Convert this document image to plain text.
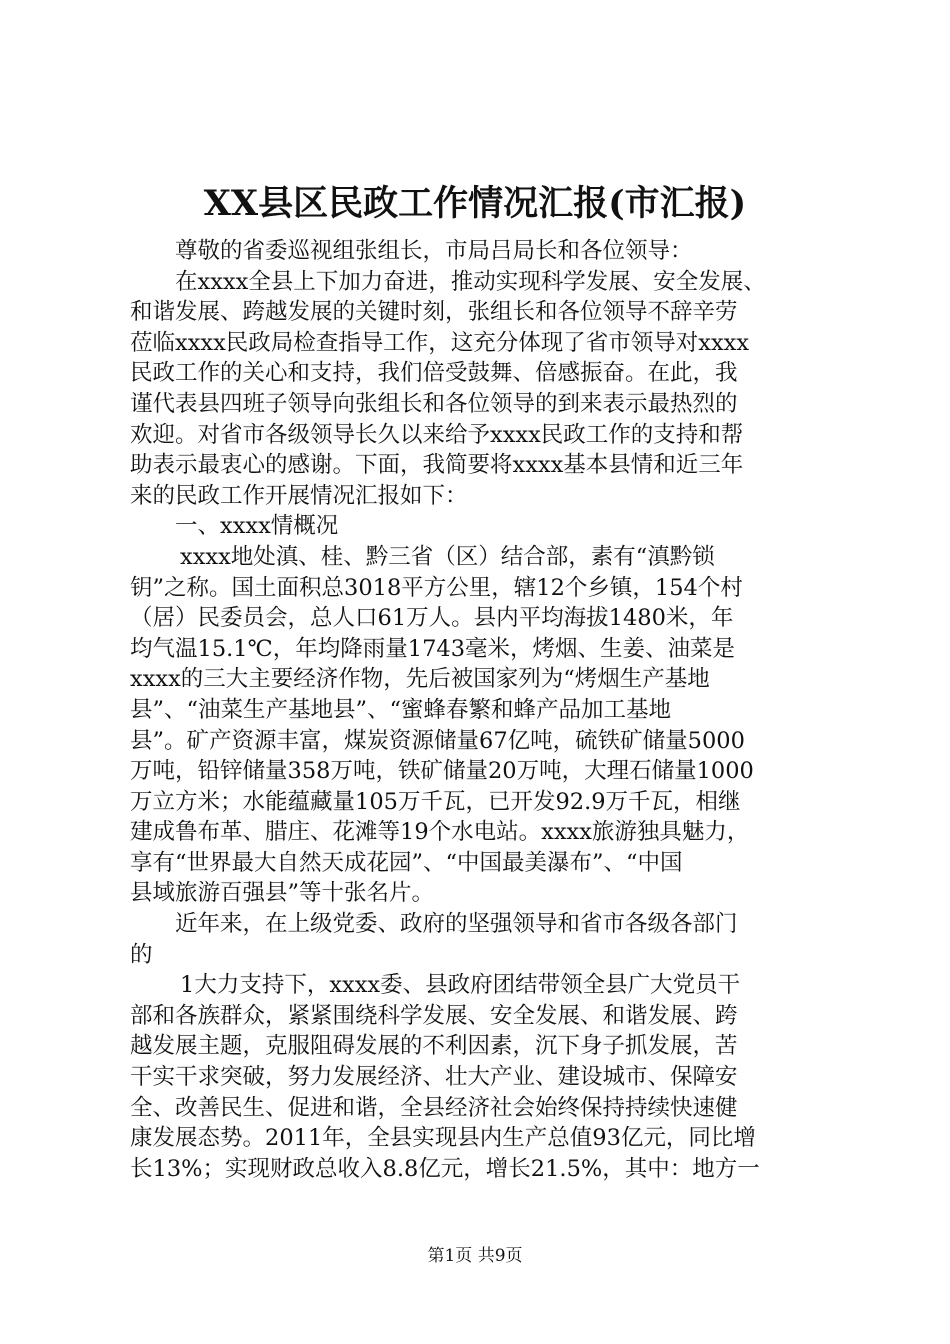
XX县区民政工作情况汇报(市汇报)
尊敬的省委巡视组张组长，市局吕局长和各位领导：
在xxxx全县上下加力奋进，推动实现科学发展、安全发展、
和谐发展、跨越发展的关键时刻，张组长和各位领导不辞辛劳
莅临xxxx民政局检查指导工作，这充分体现了省市领导对xxxx
民政工作的关心和支持，我们倍受鼓舞、倍感振奋。在此，我
谨代表县四班子领导向张组长和各位领导的到来表示最热烈的
欢迎。对省市各级领导长久以来给予xxxx民政工作的支持和帮
助表示最衷心的感谢。下面，我简要将xxxx基本县情和近三年
来的民政工作开展情况汇报如下：
一、xxxx情概况
xxxx地处滇、桂、黔三省（区）结合部，素有“滇黔锁
钥”之称。国土面积总3018平方公里，辖12个乡镇，154个村
（居）民委员会，总人口61万人。县内平均海拔1480米，年
均气温15.1℃，年均降雨量1743毫米，烤烟、生姜、油菜是
xxxx的三大主要经济作物，先后被国家列为“烤烟生产基地
县”、“油菜生产基地县”、“蜜蜂春繁和蜂产品加工基地
县”。矿产资源丰富，煤炭资源储量67亿吨，硫铁矿储量5000
万吨，铅锌储量358万吨，铁矿储量20万吨，大理石储量1000
万立方米；水能蕴藏量105万千瓦，已开发92.9万千瓦，相继
建成鲁布革、腊庄、花滩等19个水电站。xxxx旅游独具魅力，
享有“世界最大自然天成花园”、“中国最美瀑布”、“中国
县域旅游百强县”等十张名片。
近年来，在上级党委、政府的坚强领导和省市各级各部门
的
1大力支持下，xxxx委、县政府团结带领全县广大党员干
部和各族群众，紧紧围绕科学发展、安全发展、和谐发展、跨
越发展主题，克服阻碍发展的不利因素，沉下身子抓发展，苦
干实干求突破，努力发展经济、壮大产业、建设城市、保障安
全、改善民生、促进和谐，全县经济社会始终保持持续快速健
康发展态势。2011年，全县实现县内生产总值93亿元，同比增
长13%；实现财政总收入8.8亿元，增长21.5%，其中：地方一
第1页 共9页
